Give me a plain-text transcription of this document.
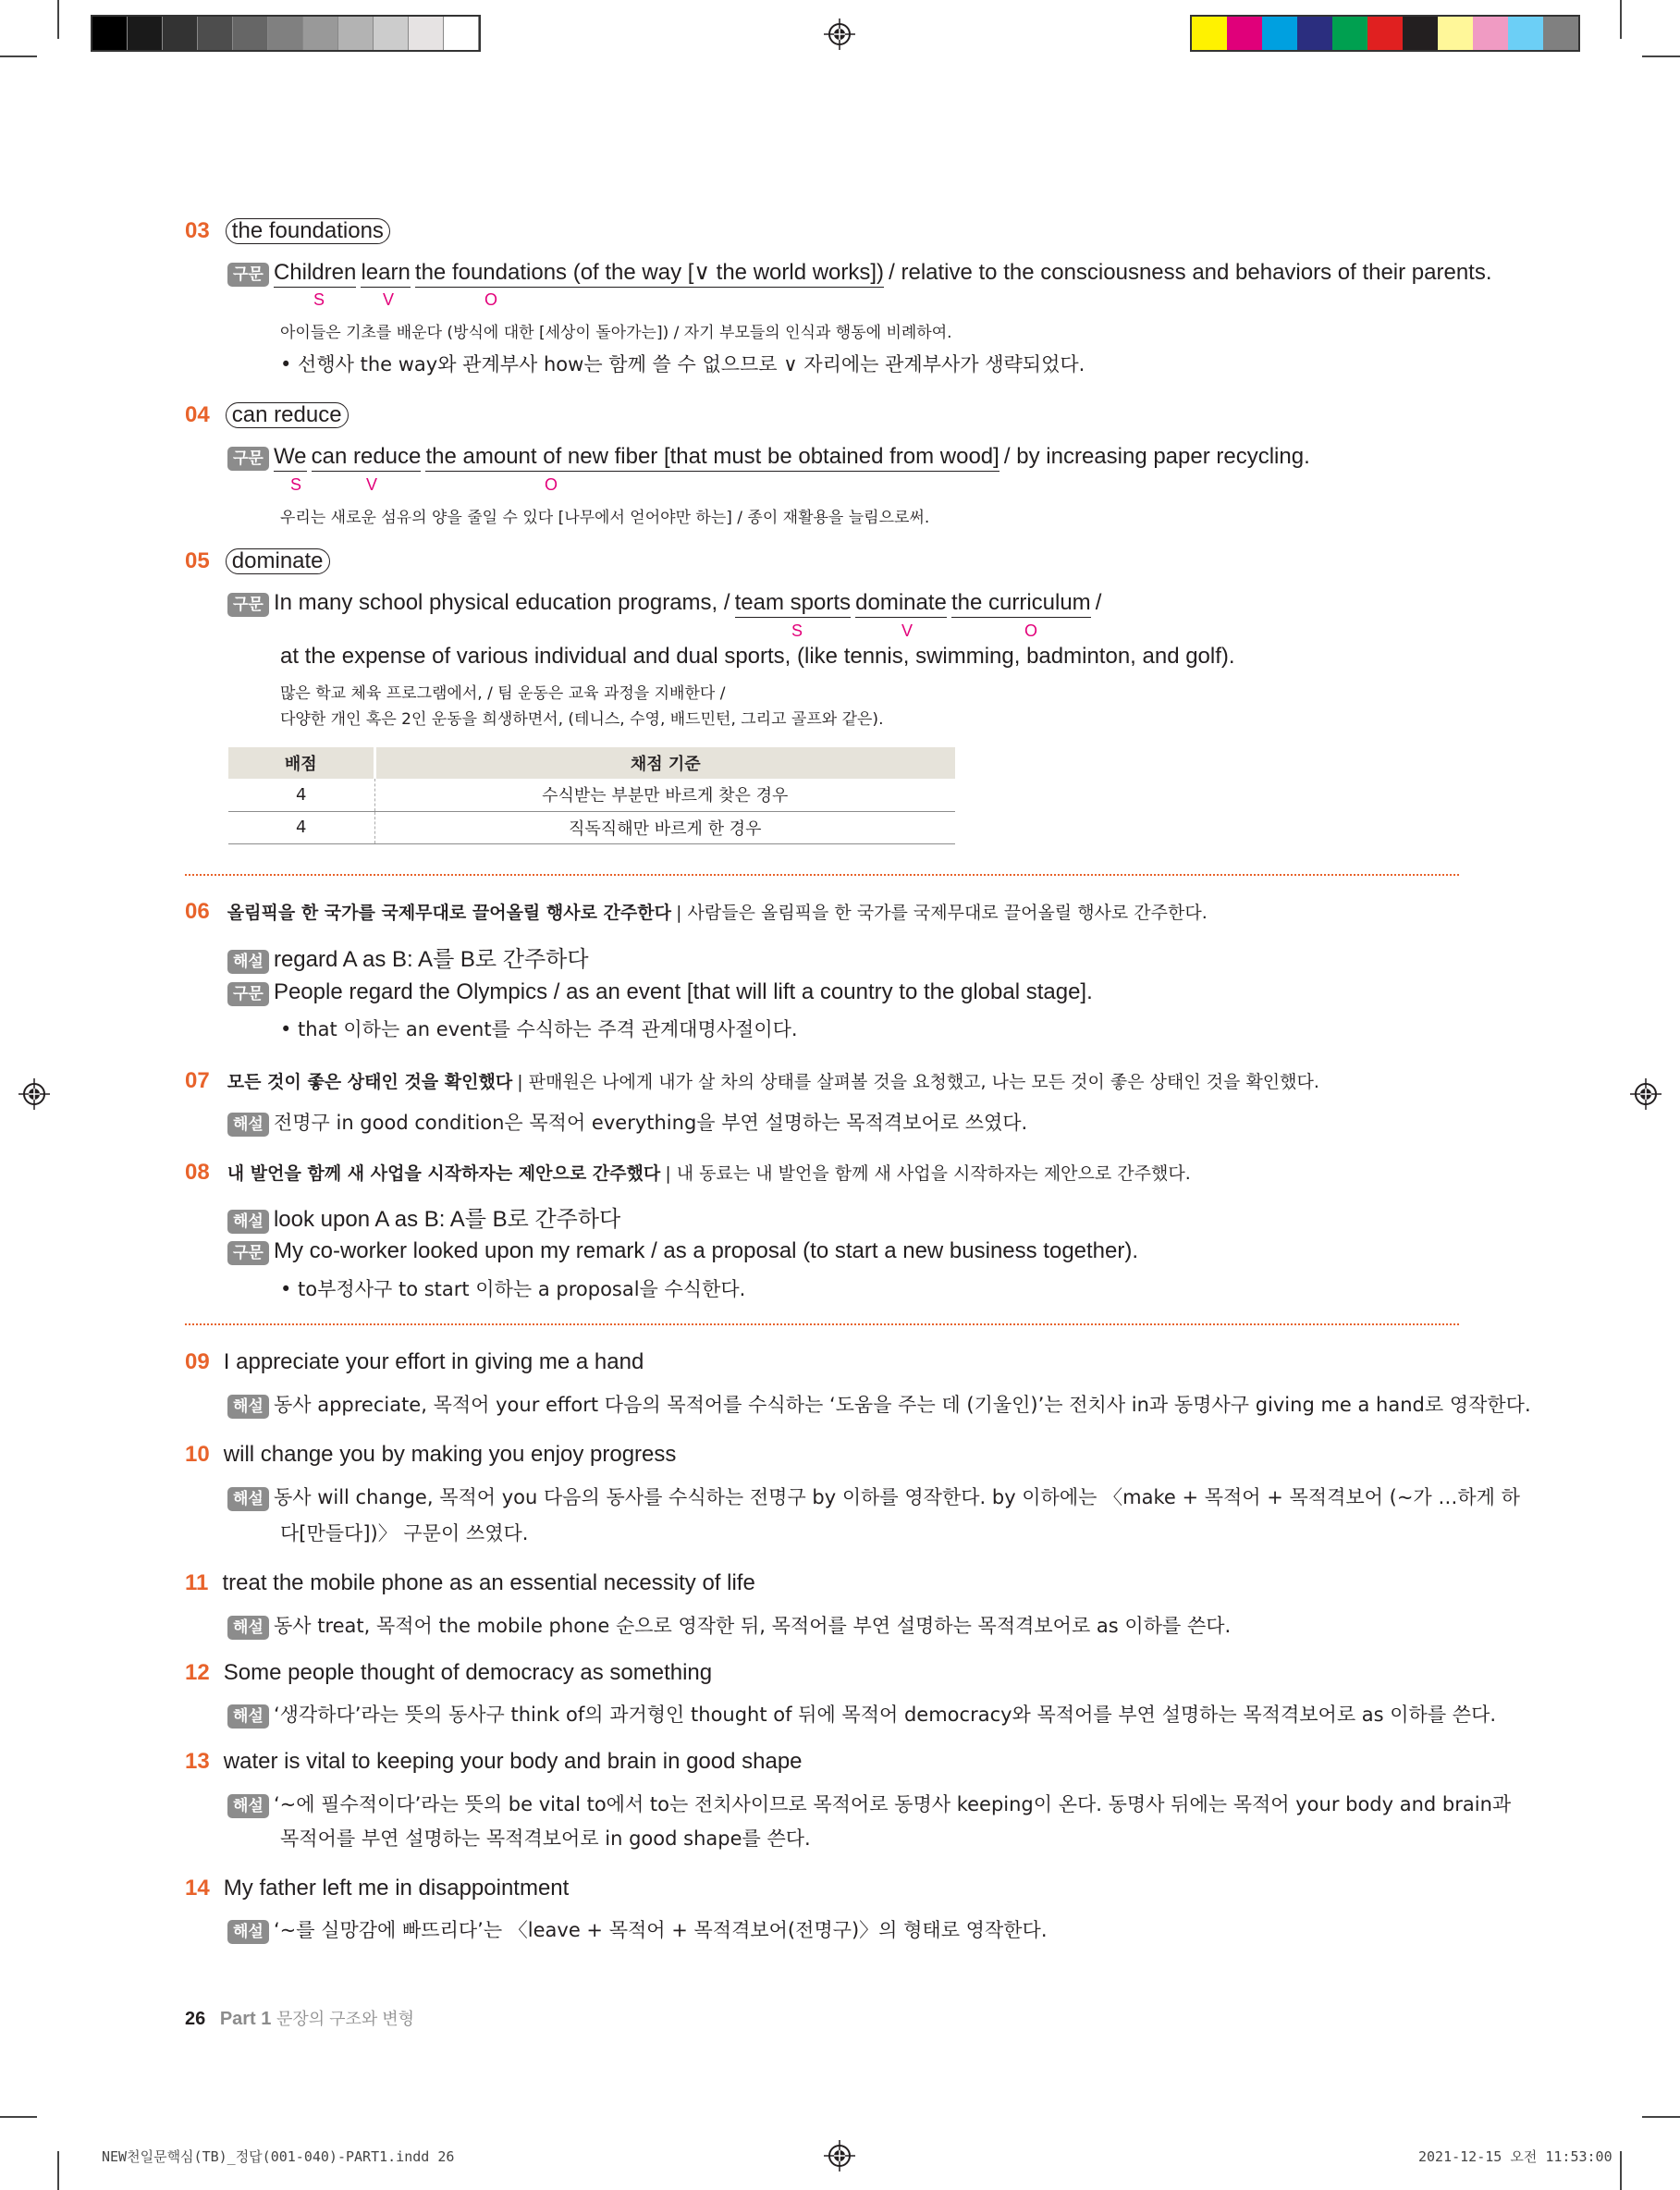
03 the foundations
구문 Children learn the foundations (of the way [∨ the world works]) / relative to the consciousness and behaviors of their parents.
S	V	O
아이들은 기초를 배운다 (방식에 대한 [세상이 돌아가는]) / 자기 부모들의 인식과 행동에 비례하여.
• 선행사 the way와 관계부사 how는 함께 쓸 수 없으므로 ∨ 자리에는 관계부사가 생략되었다.
04 can reduce
구문 We can reduce the amount of new fiber [that must be obtained from wood] / by increasing paper recycling.
S	V	O
우리는 새로운 섬유의 양을 줄일 수 있다 [나무에서 얻어야만 하는] / 종이 재활용을 늘림으로써.
05 dominate
구문 In many school physical education programs, / team sports dominate the curriculum /
S	V	O
at the expense of various individual and dual sports, (like tennis, swimming, badminton, and golf).
많은 학교 체육 프로그램에서, / 팀 운동은 교육 과정을 지배한다 /
다양한 개인 혹은 2인 운동을 희생하면서, (테니스, 수영, 배드민턴, 그리고 골프와 같은).
배점	채점 기준
4	수식받는 부분만 바르게 찾은 경우
4	직독직해만 바르게 한 경우
06 올림픽을 한 국가를 국제무대로 끌어올릴 행사로 간주한다 | 사람들은 올림픽을 한 국가를 국제무대로 끌어올릴 행사로 간주한다.
해설 regard A as B: A를 B로 간주하다
구문 People regard the Olympics / as an event [that will lift a country to the global stage].
• that 이하는 an event를 수식하는 주격 관계대명사절이다.
07 모든 것이 좋은 상태인 것을 확인했다 | 판매원은 나에게 내가 살 차의 상태를 살펴볼 것을 요청했고, 나는 모든 것이 좋은 상태인 것을 확인했다.
해설 전명구 in good condition은 목적어 everything을 부연 설명하는 목적격보어로 쓰였다.
08 내 발언을 함께 새 사업을 시작하자는 제안으로 간주했다 | 내 동료는 내 발언을 함께 새 사업을 시작하자는 제안으로 간주했다.
해설 look upon A as B: A를 B로 간주하다
구문 My co-worker looked upon my remark / as a proposal (to start a new business together).
• to부정사구 to start 이하는 a proposal을 수식한다.
09 I appreciate your effort in giving me a hand
해설 동사 appreciate, 목적어 your effort 다음의 목적어를 수식하는 ‘도움을 주는 데 (기울인)’는 전치사 in과 동명사구 giving me a hand로 영작한다.
10 will change you by making you enjoy progress
해설 동사 will change, 목적어 you 다음의 동사를 수식하는 전명구 by 이하를 영작한다. by 이하에는 〈make + 목적어 + 목적격보어 (~가 …하게 하
다[만들다])〉 구문이 쓰였다.
11 treat the mobile phone as an essential necessity of life
해설 동사 treat, 목적어 the mobile phone 순으로 영작한 뒤, 목적어를 부연 설명하는 목적격보어로 as 이하를 쓴다.
12 Some people thought of democracy as something
해설 ‘생각하다’라는 뜻의 동사구 think of의 과거형인 thought of 뒤에 목적어 democracy와 목적어를 부연 설명하는 목적격보어로 as 이하를 쓴다.
13 water is vital to keeping your body and brain in good shape
해설 ‘~에 필수적이다’라는 뜻의 be vital to에서 to는 전치사이므로 목적어로 동명사 keeping이 온다. 동명사 뒤에는 목적어 your body and brain과
목적어를 부연 설명하는 목적격보어로 in good shape를 쓴다.
14 My father left me in disappointment
해설 ‘~를 실망감에 빠뜨리다’는 〈leave + 목적어 + 목적격보어(전명구)〉의 형태로 영작한다.
26 Part 1 문장의 구조와 변형
NEW천일문핵심(TB)_정답(001-040)-PART1.indd 26	2021-12-15 오전 11:53:00
